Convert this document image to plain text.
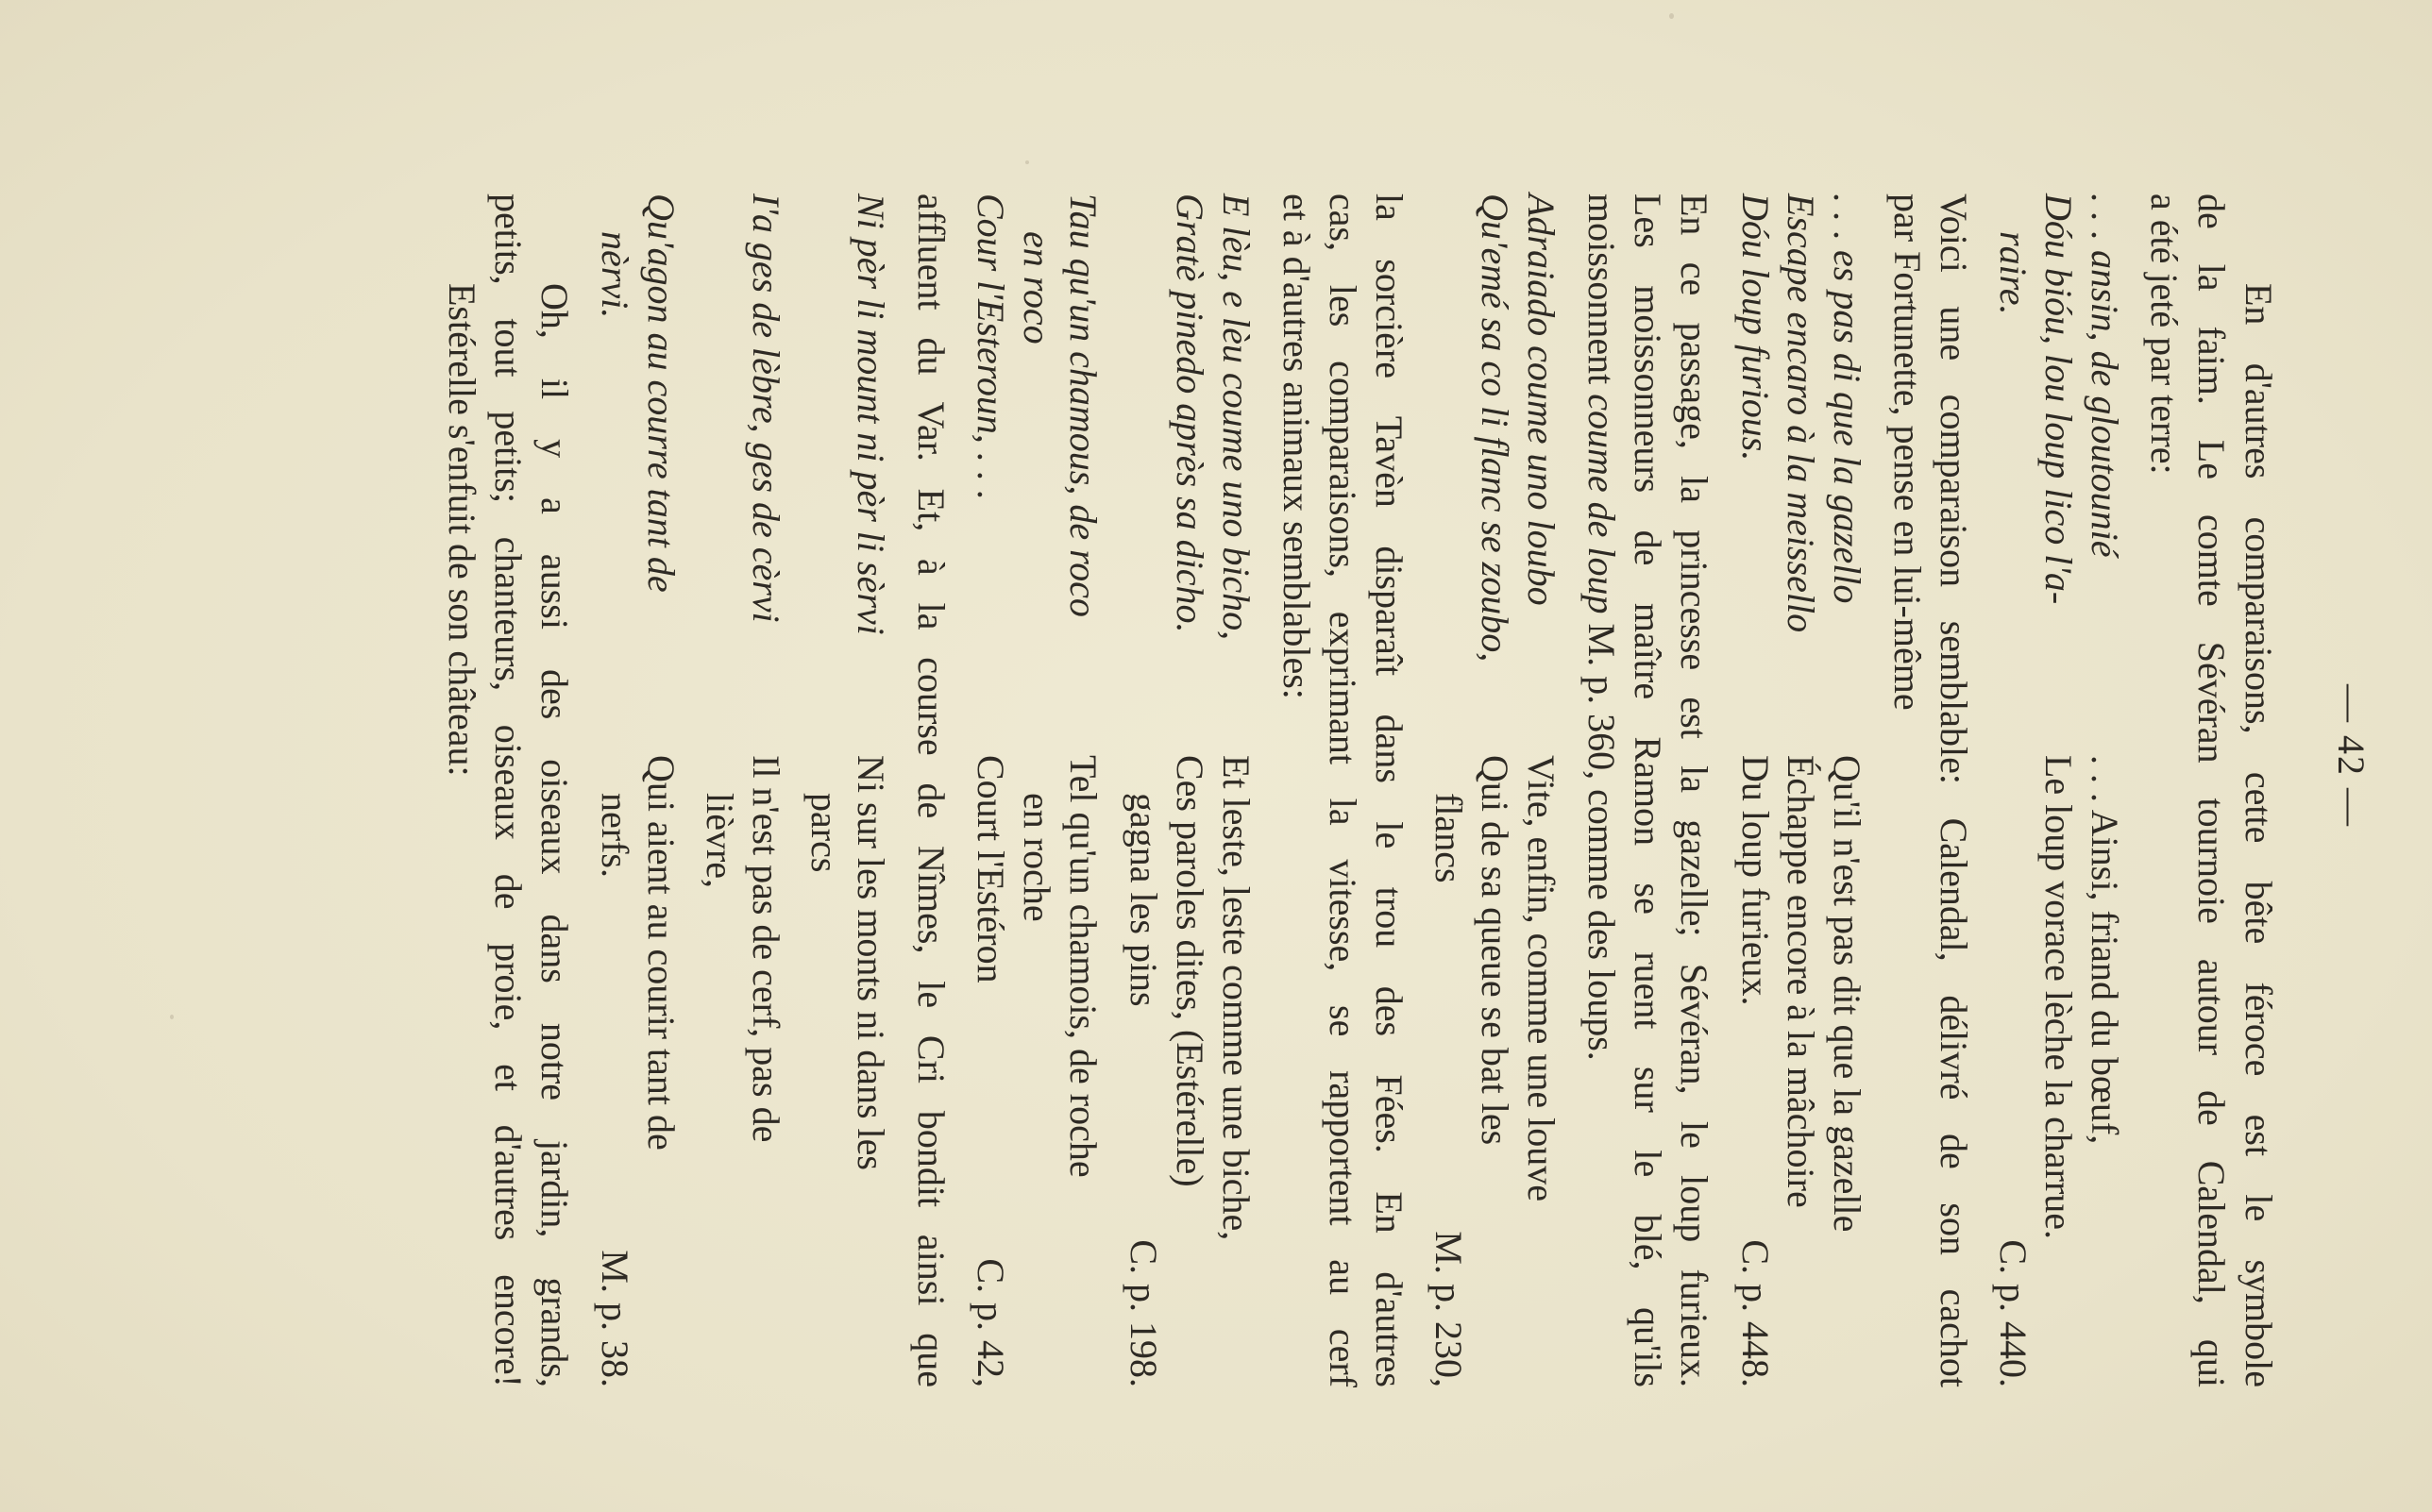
— 42 —
En d'autres comparaisons, cette bête féroce est le symbole
de la faim. Le comte Sévéran tournoie autour de Calendal, qui
a été jeté par terre:
. . . ansin, de gloutounié
. . . Ainsi, friand du bœuf,
Dóu bióu, lou loup lico l'a-
Le loup vorace lèche la charrue.
raire.
C. p. 440.
Voici une comparaison semblable: Calendal, délivré de son cachot
par Fortunette, pense en lui-même
. . . es pas di que la gazello
Qu'il n'est pas dit que la gazelle
Escape encaro à la meissello
Échappe encore à la mâchoire
Dóu loup furious.
Du loup furieux.
C. p. 448.
En ce passage, la princesse est la gazelle; Sévéran, le loup furieux.
Les moissonneurs de maître Ramon se ruent sur le blé, qu'ils
moissonnent coume de loup M. p. 360, comme des loups.
Adraiado coume uno loubo
Vite, enfin, comme une louve
Qu'emé sa co li flanc se zoubo,
Qui de sa queue se bat les
flancs
M. p. 230,
la sorcière Tavèn disparaît dans le trou des Fées. En d'autres
cas, les comparaisons, exprimant la vitesse, se rapportent au cerf
et à d'autres animaux semblables:
E lèu, e lèu coume uno bicho,
Et leste, leste comme une biche,
Gratè pinedo après sa dicho.
Ces paroles dites, (Estérelle)
gagna les pins
C. p. 198.
Tau qu'un chamous, de roco
Tel qu'un chamois, de roche
en roco
en roche
Cour l'Esteroun, . . .
Court l'Estéron
C. p. 42,
affluent du Var. Et, à la course de Nîmes, le Cri bondit ainsi que
Ni pèr li mount ni pèr li sèrvi
Ni sur les monts ni dans les
parcs
I'a ges de lèbre, ges de cèrvi
Il n'est pas de cerf, pas de
lièvre,
Qu'agon au courre tant de
Qui aient au courir tant de
nèrvi.
nerfs.
M. p. 38.
Oh, il y a aussi des oiseaux dans notre jardin, grands,
petits, tout petits; chanteurs, oiseaux de proie, et d'autres encore!
Estérelle s'enfuit de son château:
